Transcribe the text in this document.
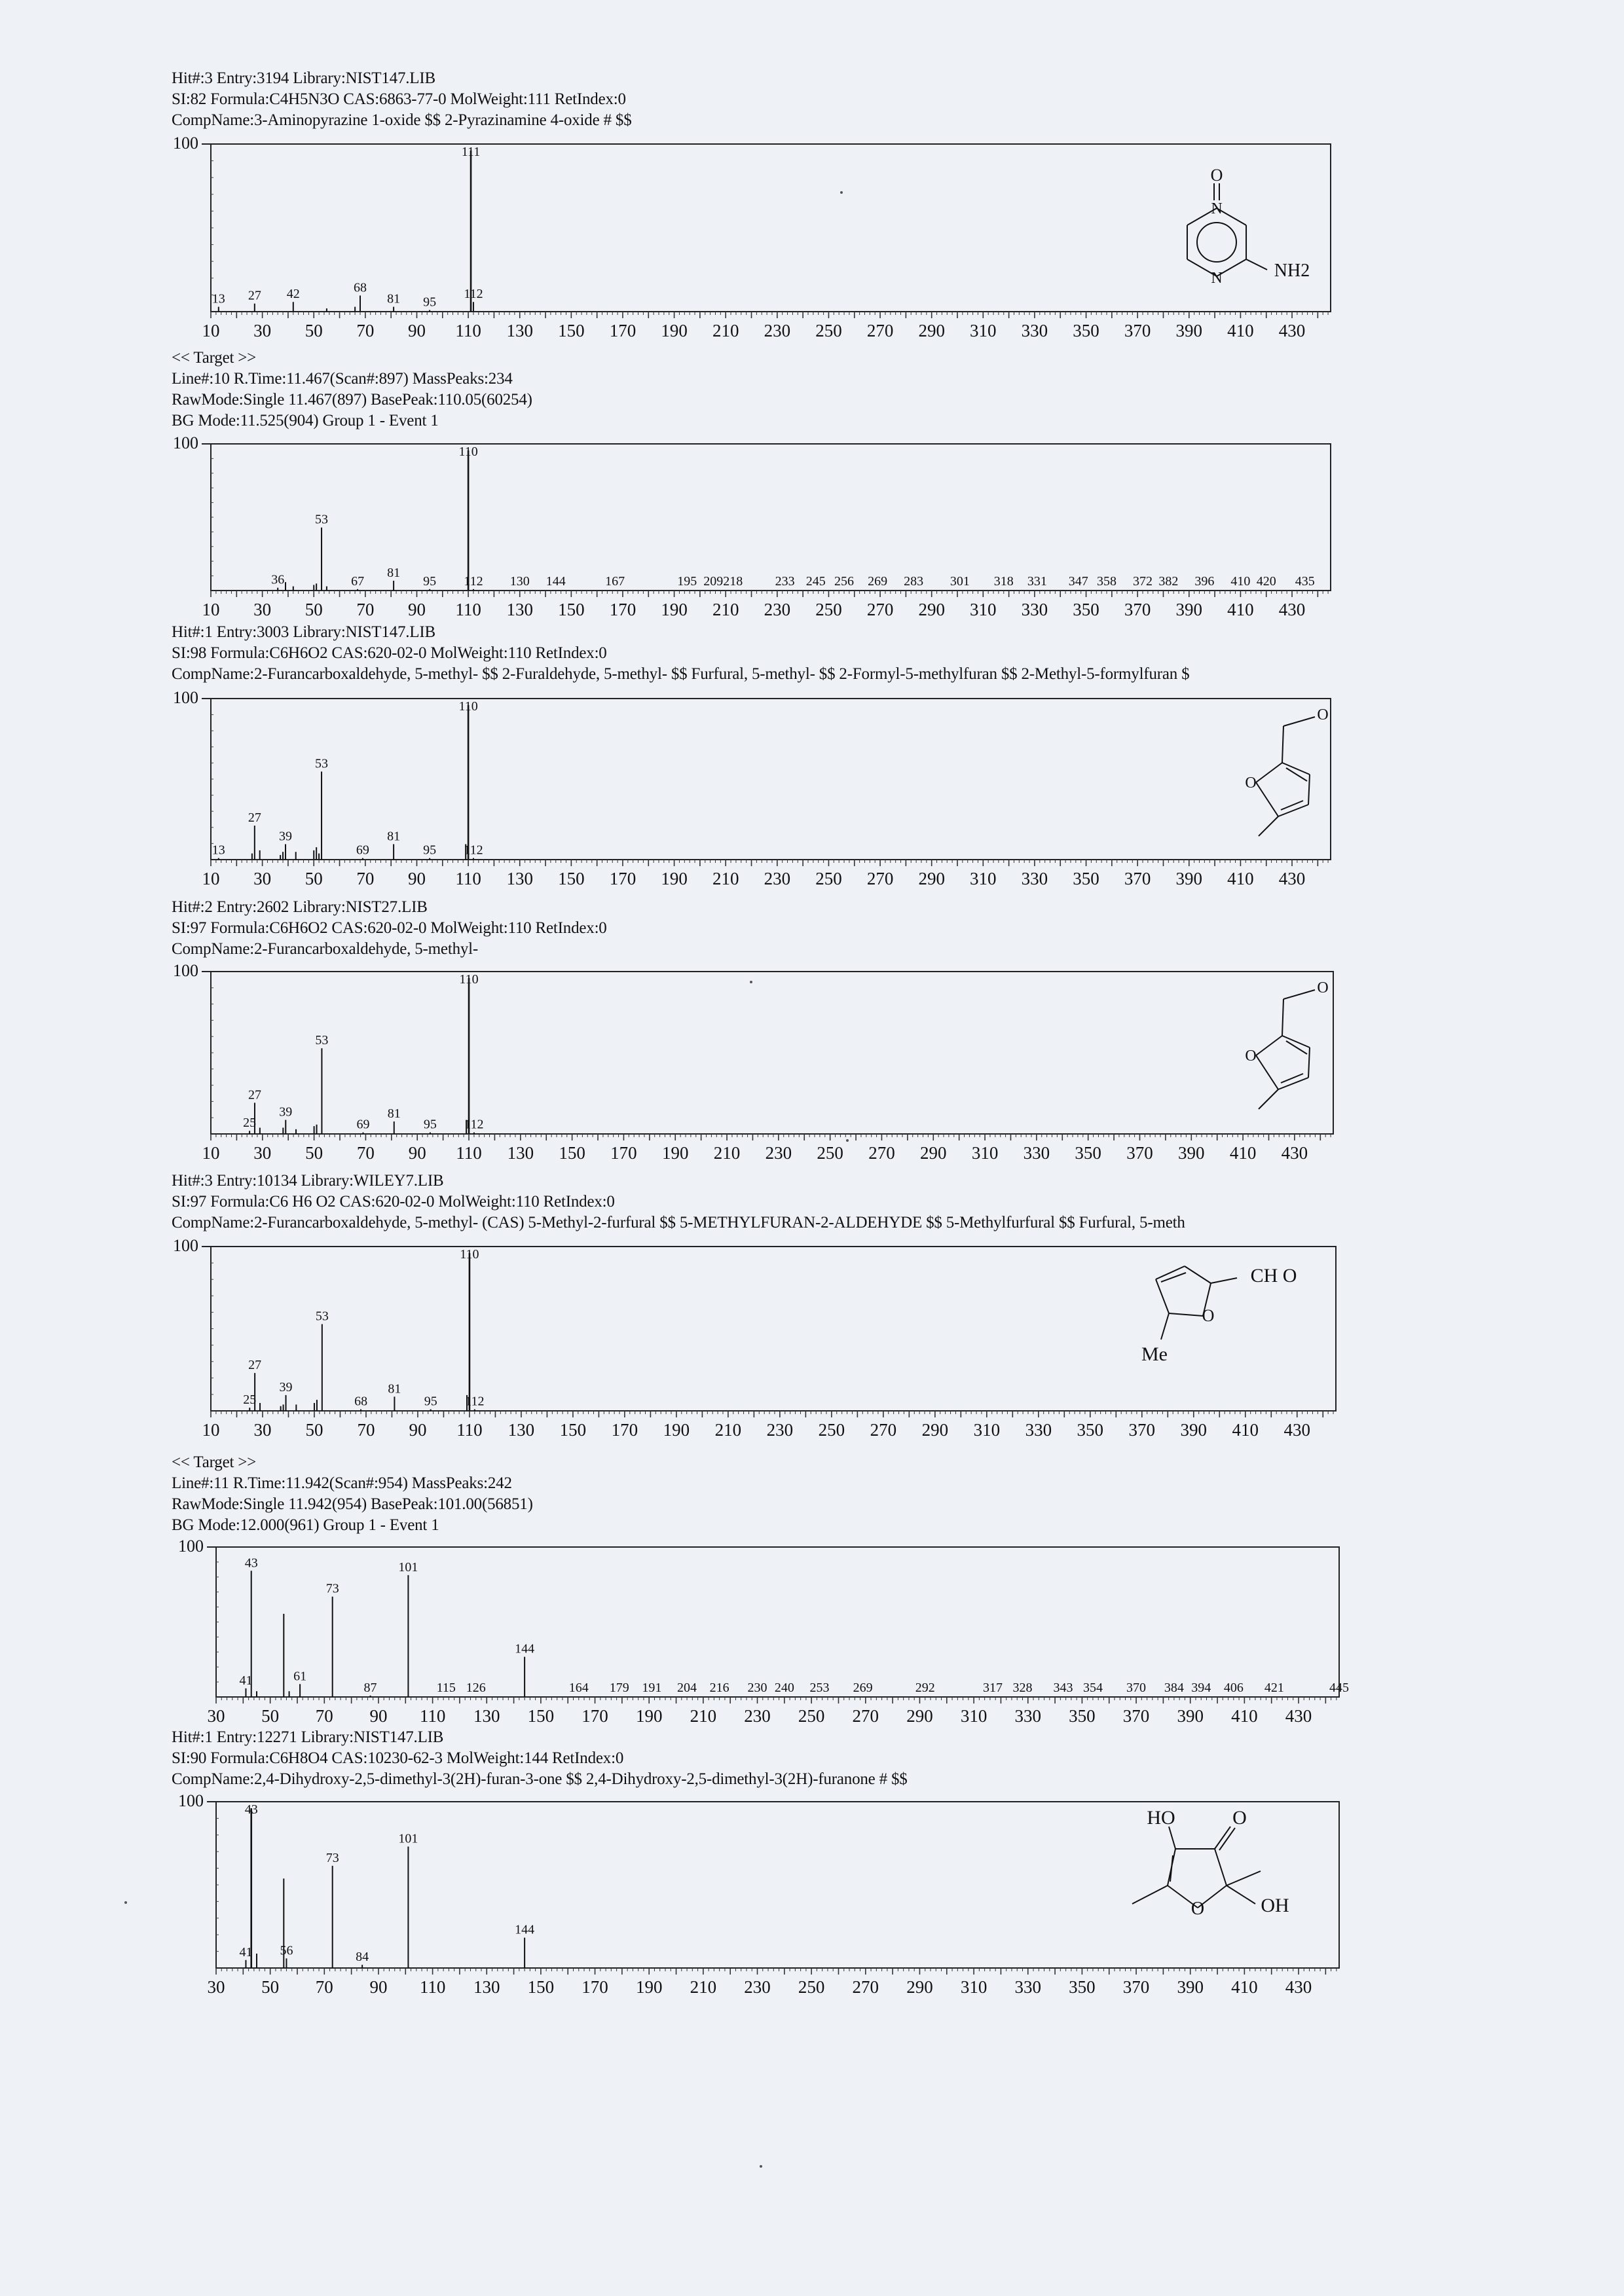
Hit#:3 Entry:3194 Library:NIST147.LIB
SI:82 Formula:C4H5N3O CAS:6863-77-0 MolWeight:111 RetIndex:0
CompName:3-Aminopyrazine 1-oxide $$ 2-Pyrazinamine 4-oxide # $$
100
10 30 50 70 90 110 130 150 170 190 210 230 250 270 290 310 330 350 370 390 410 430
13 27 42	68
81 95
111
112
O
N
N	NH2
<< Target >>
Line#:10 R.Time:11.467(Scan#:897) MassPeaks:234
RawMode:Single 11.467(897) BasePeak:110.05(60254)
BG Mode:11.525(904) Group 1 - Event 1
100
10 30 50 70 90 110 130 150 170 190 210 230 250 270 290 310 330 350 370 390 410 430
36
53
67
81
95
110
112 130 144	167	195 209218 233 245 256 269 283 301 318 331 347 358 372 382 396 410 420 435
Hit#:1 Entry:3003 Library:NIST147.LIB
SI:98 Formula:C6H6O2 CAS:620-02-0 MolWeight:110 RetIndex:0
CompName:2-Furancarboxaldehyde, 5-methyl- $$ 2-Furaldehyde, 5-methyl- $$ Furfural, 5-methyl- $$ 2-Formyl-5-methylfuran $$ 2-Methyl-5-formylfuran $
100
10 30 50 70 90 110 130 150 170 190 210 230 250 270 290 310 330 350 370 390 410 430
13
27
39
53
69
81
95
110
112
O
O
Hit#:2 Entry:2602 Library:NIST27.LIB
SI:97 Formula:C6H6O2 CAS:620-02-0 MolWeight:110 RetIndex:0
CompName:2-Furancarboxaldehyde, 5-methyl-
100
10 30 50 70 90 110 130 150 170 190 210 230 250 270 290 310 330 350 370 390 410 430
25
27
39
53
69
81
95
110
112
O
O
Hit#:3 Entry:10134 Library:WILEY7.LIB
SI:97 Formula:C6 H6 O2 CAS:620-02-0 MolWeight:110 RetIndex:0
CompName:2-Furancarboxaldehyde, 5-methyl- (CAS) 5-Methyl-2-furfural $$ 5-METHYLFURAN-2-ALDEHYDE $$ 5-Methylfurfural $$ Furfural, 5-meth
100
10 30 50 70 90 110 130 150 170 190 210 230 250 270 290 310 330 350 370 390 410 430
25
27
39
53
68
81
95
110
112
CH O
O
Me
<< Target >>
Line#:11 R.Time:11.942(Scan#:954) MassPeaks:242
RawMode:Single 11.942(954) BasePeak:101.00(56851)
BG Mode:12.000(961) Group 1 - Event 1
100
30 50 70 90 110 130 150 170 190 210 230 250 270 290 310 330 350 370 390 410 430
41
43
61
73
87
101
115 126
144
164 179 191 204 216 230 240 253 269	292	317 328 343 354 370 384 394 406 421	445
Hit#:1 Entry:12271 Library:NIST147.LIB
SI:90 Formula:C6H8O4 CAS:10230-62-3 MolWeight:144 RetIndex:0
CompName:2,4-Dihydroxy-2,5-dimethyl-3(2H)-furan-3-one $$ 2,4-Dihydroxy-2,5-dimethyl-3(2H)-furanone # $$
100
30 50 70 90 110 130 150 170 190 210 230 250 270 290 310 330 350 370 390 410 430
41
43
56
73
84
101
144
HO	O
O	OH
